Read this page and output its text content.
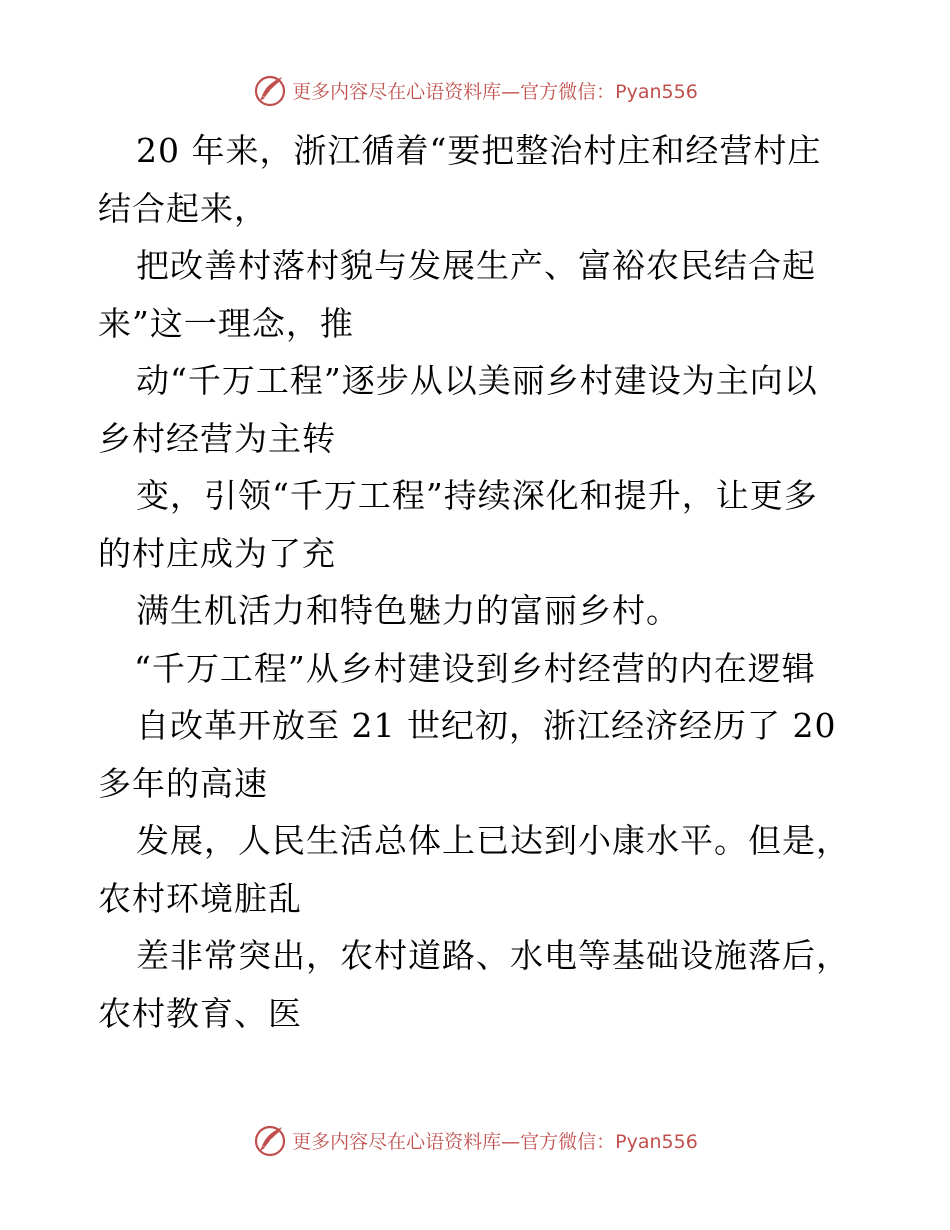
更多内容尽在心语资料库—官方微信：Pyan556
20 年来，浙江循着“要把整治村庄和经营村庄
结合起来，
把改善村落村貌与发展生产、富裕农民结合起
来”这一理念，推
动“千万工程”逐步从以美丽乡村建设为主向以
乡村经营为主转
变，引领“千万工程”持续深化和提升，让更多
的村庄成为了充
满生机活力和特色魅力的富丽乡村。
“千万工程”从乡村建设到乡村经营的内在逻辑
自改革开放至 21 世纪初，浙江经济经历了 20
多年的高速
发展，人民生活总体上已达到小康水平。但是，
农村环境脏乱
差非常突出，农村道路、水电等基础设施落后，
农村教育、医
更多内容尽在心语资料库—官方微信：Pyan556
